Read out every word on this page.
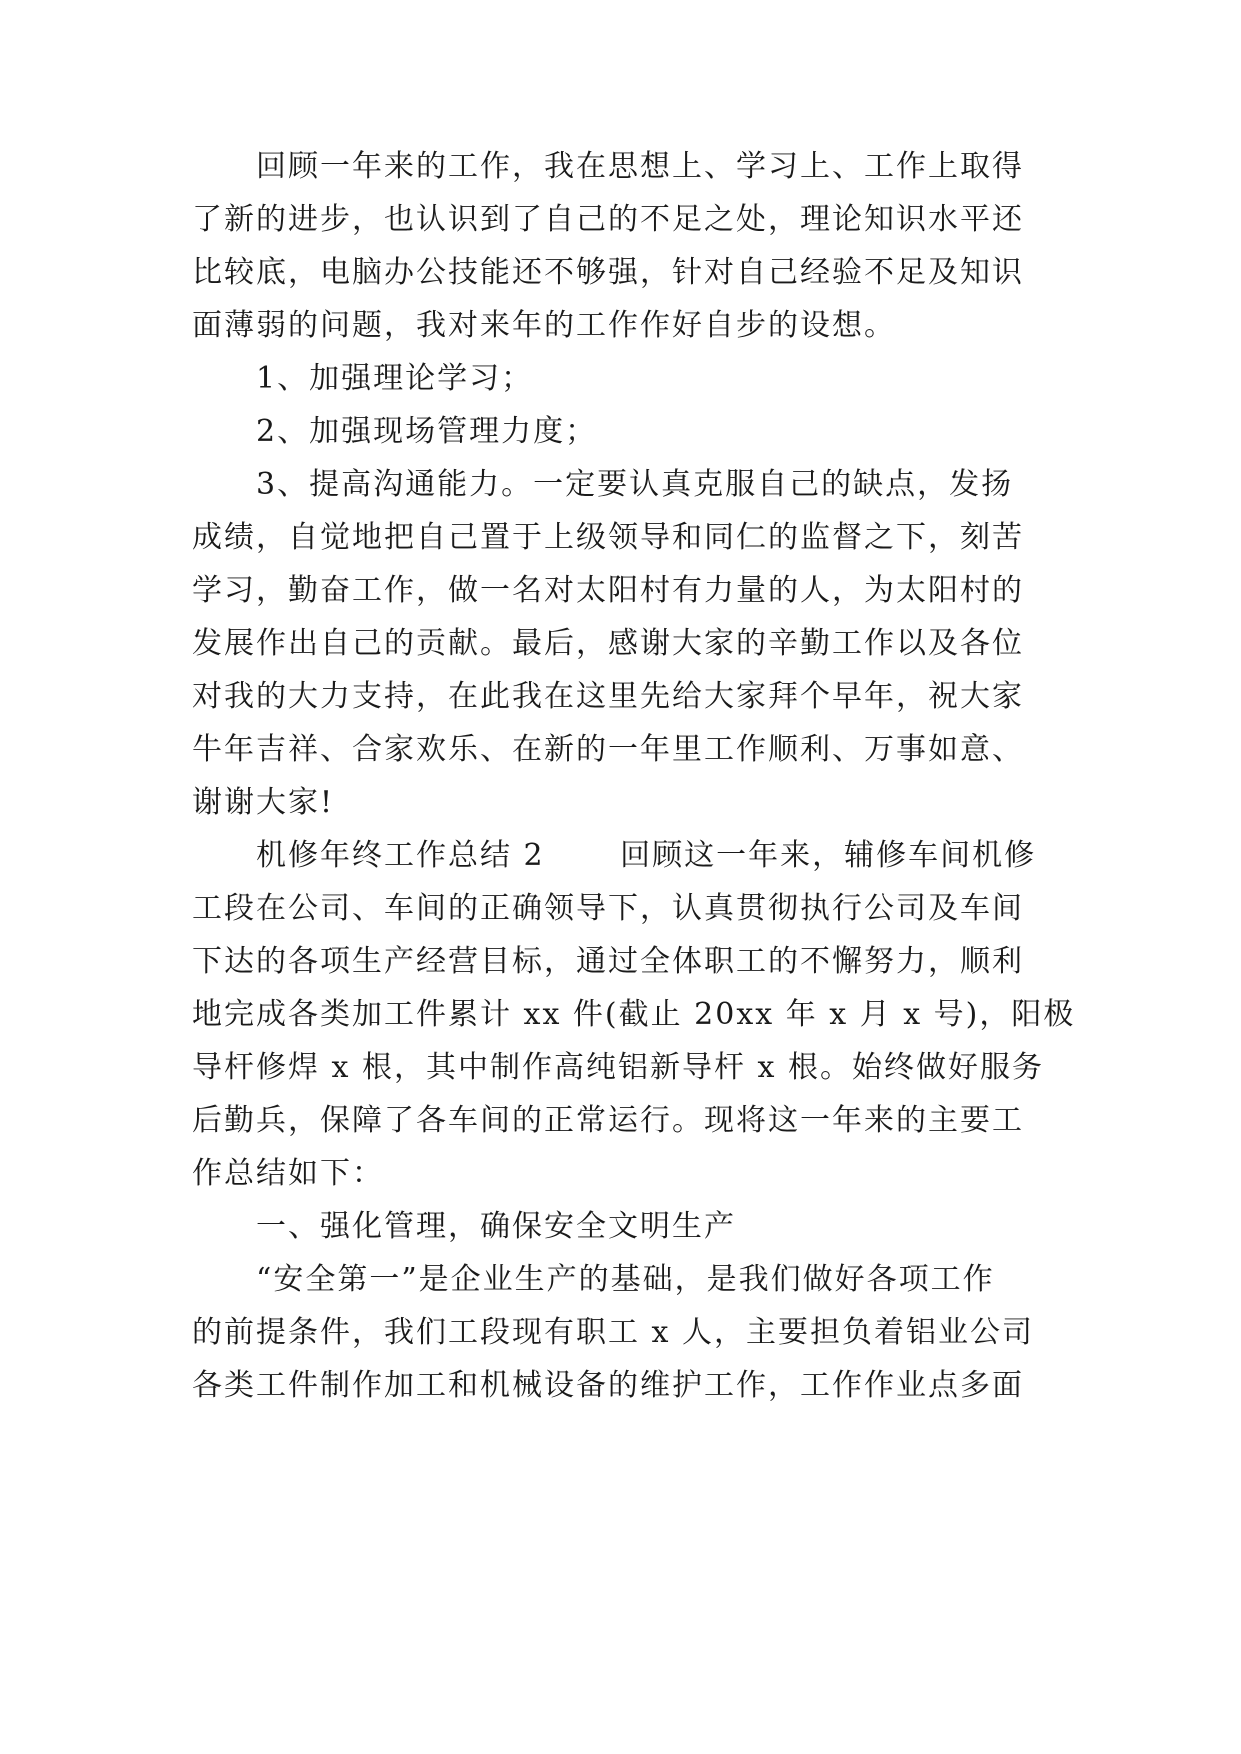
回顾一年来的工作，我在思想上、学习上、工作上取得
了新的进步，也认识到了自己的不足之处，理论知识水平还
比较底，电脑办公技能还不够强，针对自己经验不足及知识
面薄弱的问题，我对来年的工作作好自步的设想。
1、加强理论学习；
2、加强现场管理力度；
3、提高沟通能力。一定要认真克服自己的缺点，发扬
成绩，自觉地把自己置于上级领导和同仁的监督之下，刻苦
学习，勤奋工作，做一名对太阳村有力量的人，为太阳村的
发展作出自己的贡献。最后，感谢大家的辛勤工作以及各位
对我的大力支持，在此我在这里先给大家拜个早年，祝大家
牛年吉祥、合家欢乐、在新的一年里工作顺利、万事如意、
谢谢大家!
机修年终工作总结 2　　 回顾这一年来，辅修车间机修
工段在公司、车间的正确领导下，认真贯彻执行公司及车间
下达的各项生产经营目标，通过全体职工的不懈努力，顺利
地完成各类加工件累计 xx 件(截止 20xx 年 x 月 x 号)，阳极
导杆修焊 x 根，其中制作高纯铝新导杆 x 根。始终做好服务
后勤兵，保障了各车间的正常运行。现将这一年来的主要工
作总结如下：
一、强化管理，确保安全文明生产
“安全第一”是企业生产的基础，是我们做好各项工作
的前提条件，我们工段现有职工 x 人，主要担负着铝业公司
各类工件制作加工和机械设备的维护工作，工作作业点多面
